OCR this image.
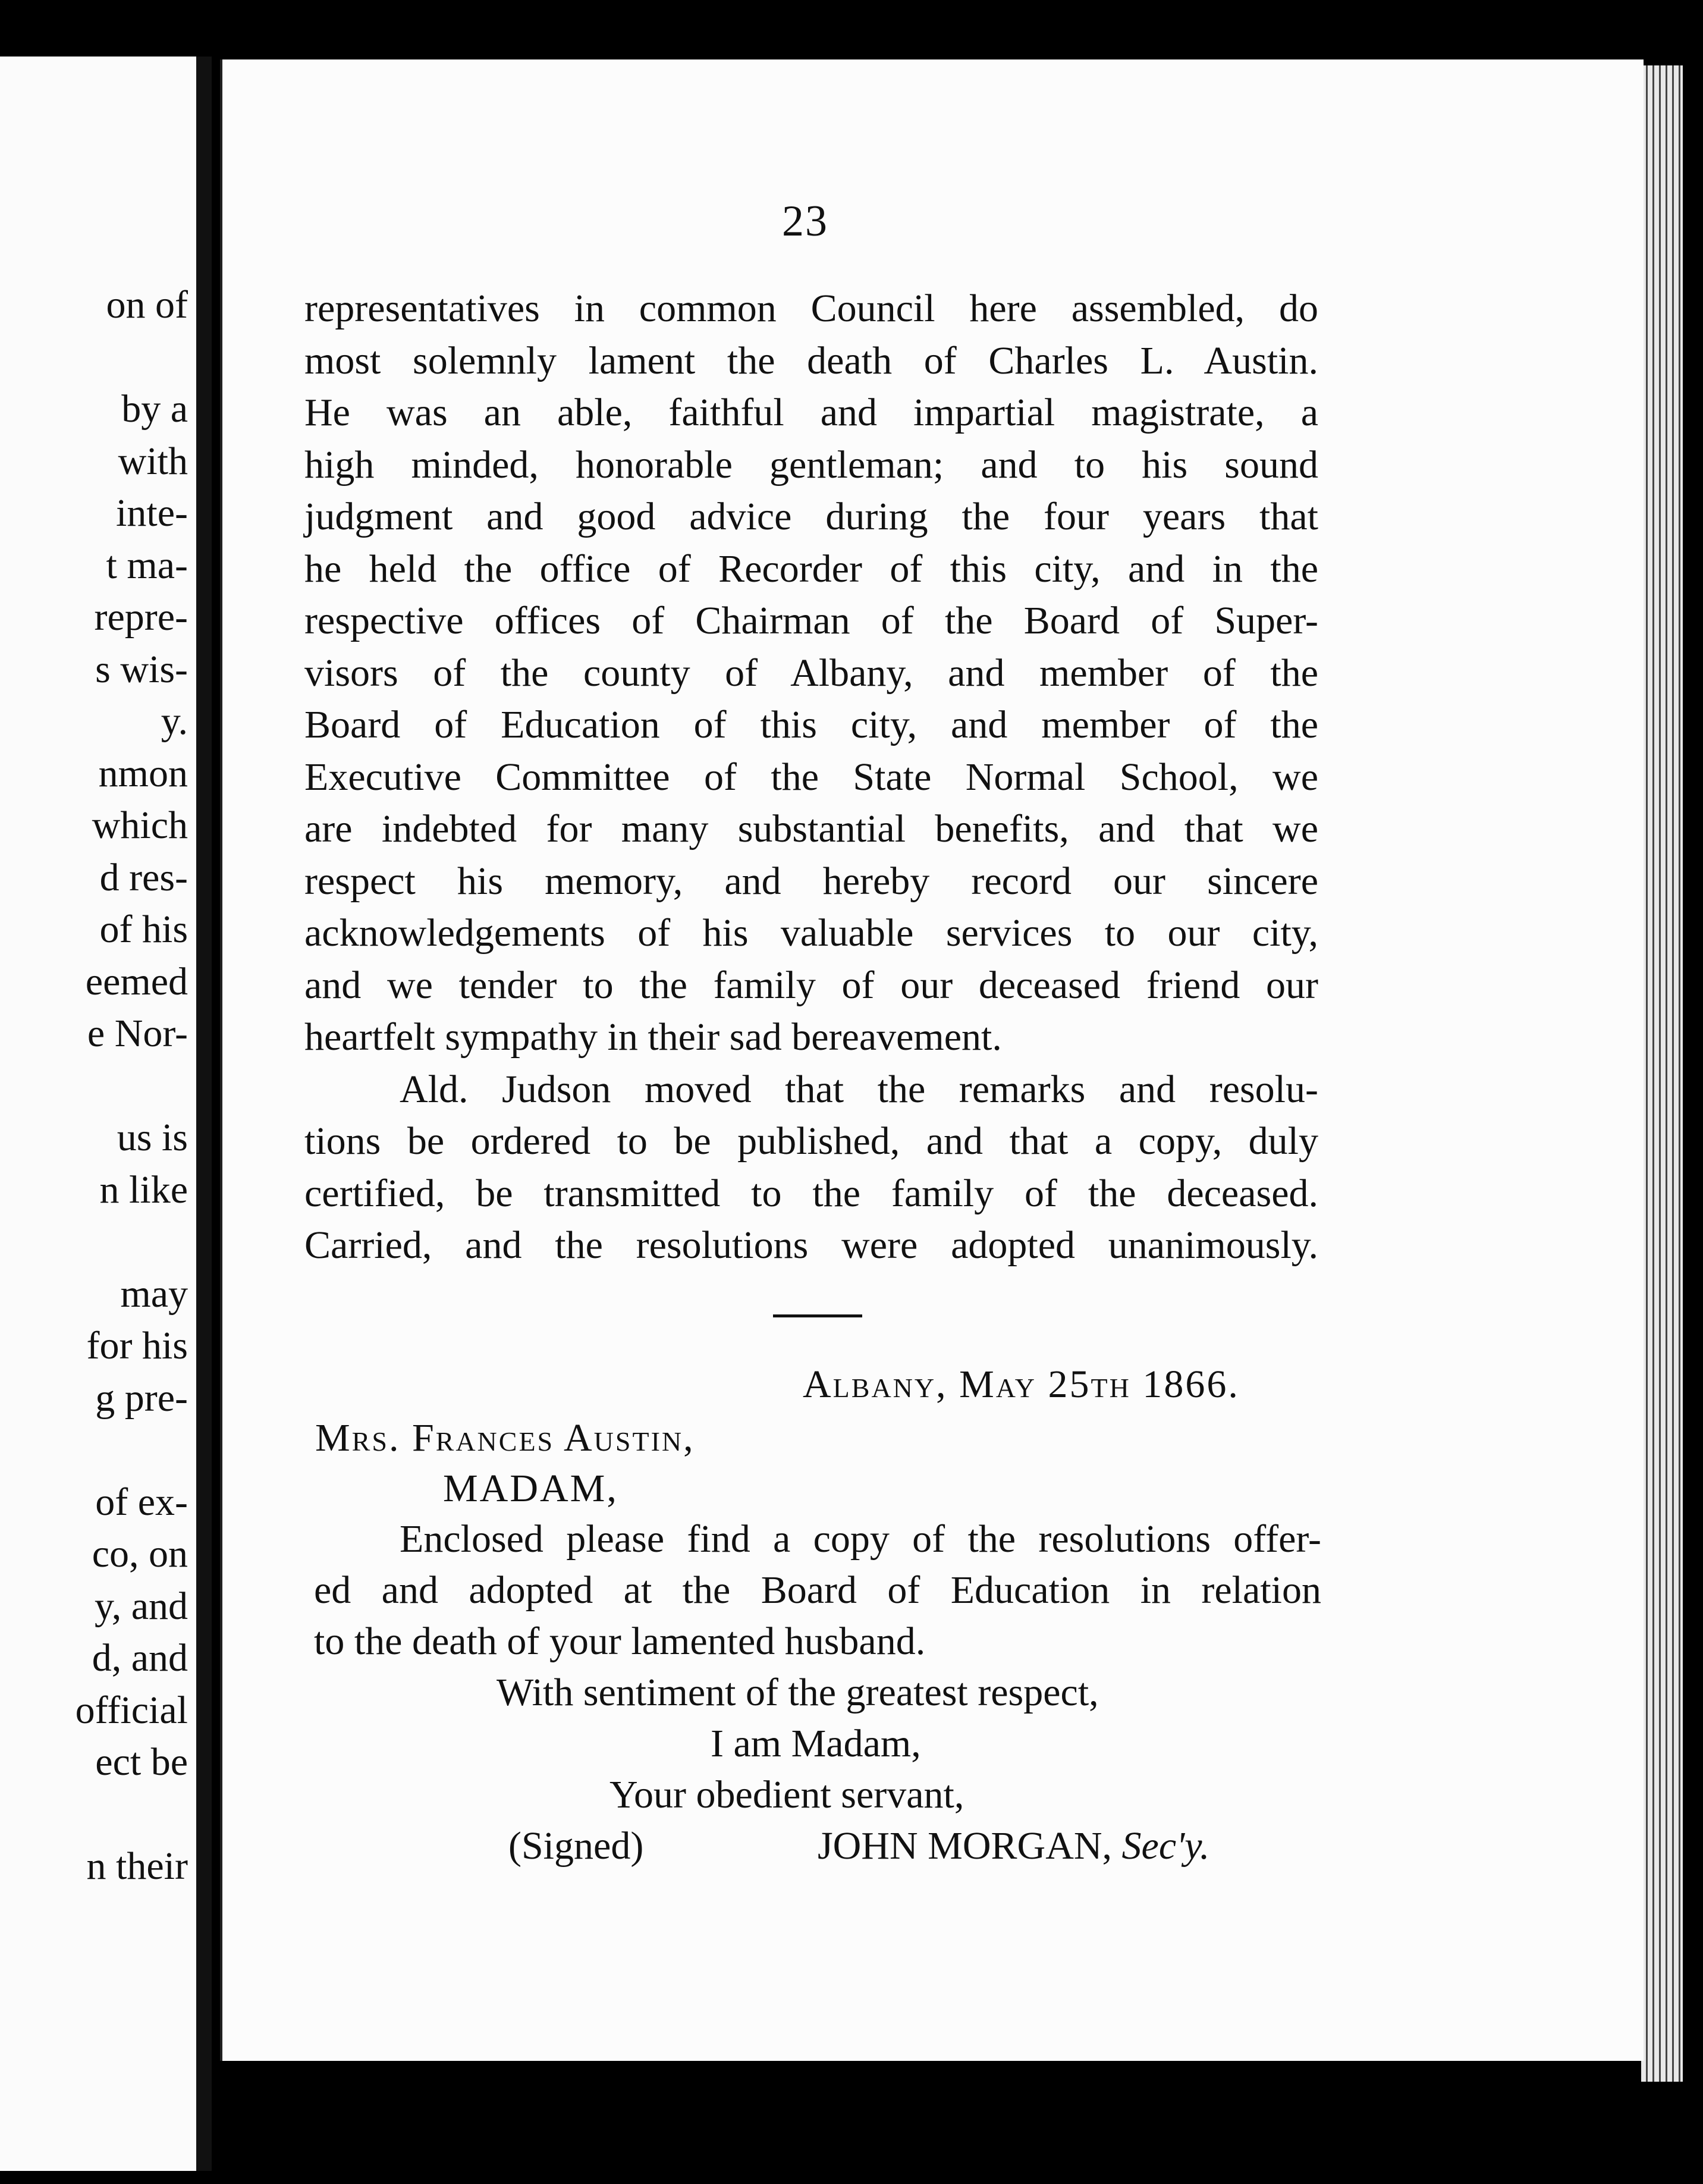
on of
by a
with
inte-
t ma-
repre-
s wis-
y.
nmon
which
d res-
of his
eemed
e Nor-
us is
n like
may
for his
g pre-
of ex-
co, on
y, and
d, and
official
ect be
n their
23
representatives in common Council here assembled, do
most solemnly lament the death of Charles L. Austin.
He was an able, faithful and impartial magistrate, a
high minded, honorable gentleman; and to his sound
judgment and good advice during the four years that
he held the office of Recorder of this city, and in the
respective offices of Chairman of the Board of Super-
visors of the county of Albany, and member of the
Board of Education of this city, and member of the
Executive Committee of the State Normal School, we
are indebted for many substantial benefits, and that we
respect his memory, and hereby record our sincere
acknowledgements of his valuable services to our city,
and we tender to the family of our deceased friend our
heartfelt sympathy in their sad bereavement.
Ald. Judson moved that the remarks and resolu-
tions be ordered to be published, and that a copy, duly
certified, be transmitted to the family of the deceased.
Carried, and the resolutions were adopted unanimously.
Albany, May 25th 1866.
Mrs. Frances Austin,
MADAM,
Enclosed please find a copy of the resolutions offer-
ed and adopted at the Board of Education in relation
to the death of your lamented husband.
With sentiment of the greatest respect,
I am Madam,
Your obedient servant,
(Signed)	JOHN MORGAN, Sec'y.
